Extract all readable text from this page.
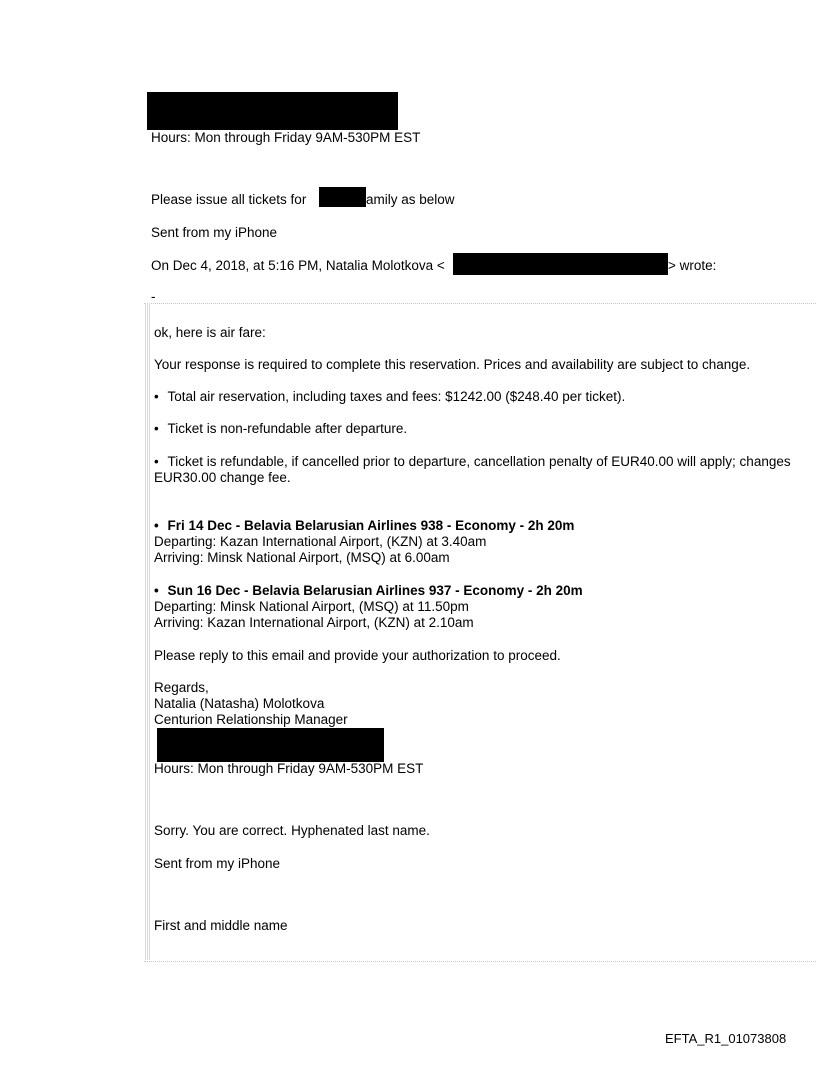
Hours: Mon through Friday 9AM-530PM EST
Please issue all tickets for	amily as below
Sent from my iPhone
On Dec 4, 2018, at 5:16 PM, Natalia Molotkova <	> wrote:
-
ok, here is air fare:
Your response is required to complete this reservation. Prices and availability are subject to change.
• Total air reservation, including taxes and fees: $1242.00 ($248.40 per ticket).
• Ticket is non-refundable after departure.
• Ticket is refundable, if cancelled prior to departure, cancellation penalty of EUR40.00 will apply; changes
EUR30.00 change fee.
• Fri 14 Dec - Belavia Belarusian Airlines 938 - Economy - 2h 20m
Departing: Kazan International Airport, (KZN) at 3.40am
Arriving: Minsk National Airport, (MSQ) at 6.00am
• Sun 16 Dec - Belavia Belarusian Airlines 937 - Economy - 2h 20m
Departing: Minsk National Airport, (MSQ) at 11.50pm
Arriving: Kazan International Airport, (KZN) at 2.10am
Please reply to this email and provide your authorization to proceed.
Regards,
Natalia (Natasha) Molotkova
Centurion Relationship Manager
Hours: Mon through Friday 9AM-530PM EST
Sorry. You are correct. Hyphenated last name.
Sent from my iPhone
First and middle name
EFTA_R1_01073808
